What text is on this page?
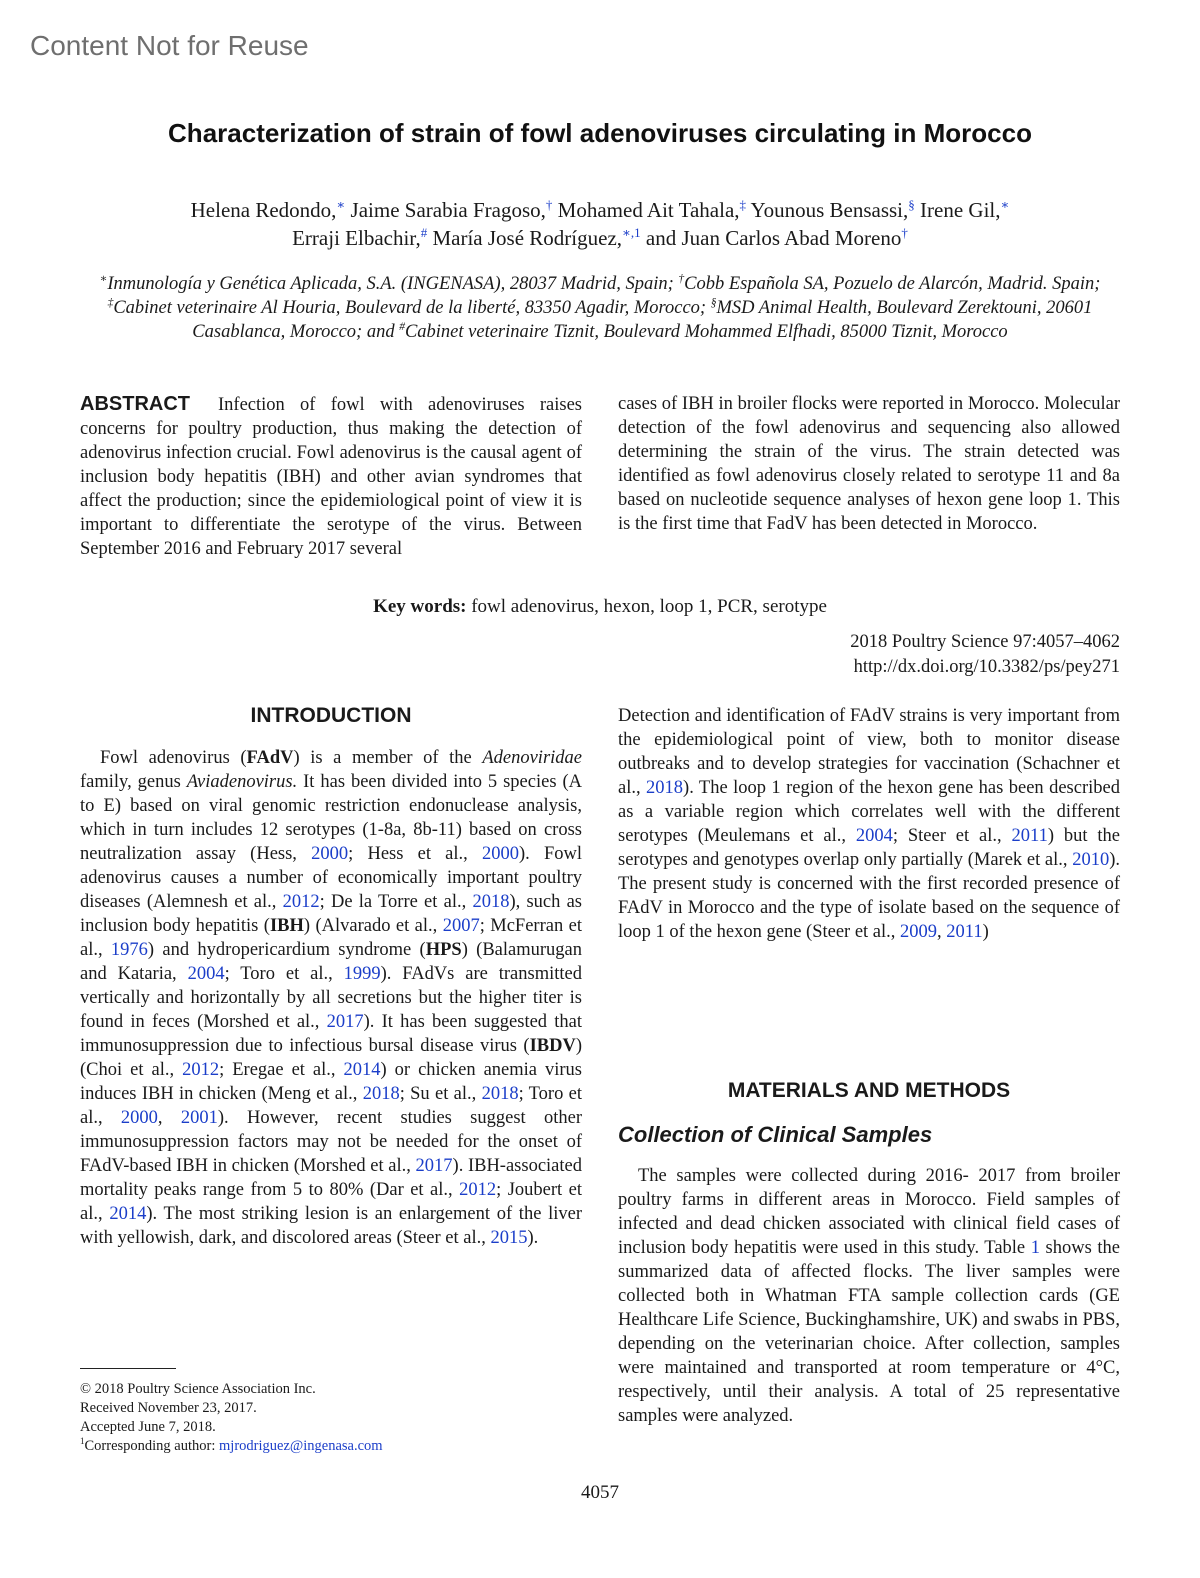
Content Not for Reuse
Characterization of strain of fowl adenoviruses circulating in Morocco
Helena Redondo,∗ Jaime Sarabia Fragoso,† Mohamed Ait Tahala,‡ Younous Bensassi,§ Irene Gil,∗
Erraji Elbachir,# María José Rodríguez,$^{∗,1}$ and Juan Carlos Abad Moreno†
∗Inmunología y Genética Aplicada, S.A. (INGENASA), 28037 Madrid, Spain; †Cobb Española SA, Pozuelo de Alarcón, Madrid. Spain; ‡Cabinet veterinaire Al Houria, Boulevard de la liberté, 83350 Agadir, Morocco; §MSD Animal Health, Boulevard Zerektouni, 20601 Casablanca, Morocco; and #Cabinet veterinaire Tiznit, Boulevard Mohammed Elfhadi, 85000 Tiznit, Morocco
ABSTRACT Infection of fowl with adenoviruses raises concerns for poultry production, thus making the detection of adenovirus infection crucial. Fowl adenovirus is the causal agent of inclusion body hepatitis (IBH) and other avian syndromes that affect the production; since the epidemiological point of view it is important to differentiate the serotype of the virus. Between September 2016 and February 2017 several
cases of IBH in broiler flocks were reported in Morocco. Molecular detection of the fowl adenovirus and sequencing also allowed determining the strain of the virus. The strain detected was identified as fowl adenovirus closely related to serotype 11 and 8a based on nucleotide sequence analyses of hexon gene loop 1. This is the first time that FadV has been detected in Morocco.
Key words: fowl adenovirus, hexon, loop 1, PCR, serotype
2018 Poultry Science 97:4057–4062
http://dx.doi.org/10.3382/ps/pey271
INTRODUCTION
Fowl adenovirus (FAdV) is a member of the Adenoviridae family, genus Aviadenovirus. It has been divided into 5 species (A to E) based on viral genomic restriction endonuclease analysis, which in turn includes 12 serotypes (1-8a, 8b-11) based on cross neutralization assay (Hess, 2000; Hess et al., 2000). Fowl adenovirus causes a number of economically important poultry diseases (Alemnesh et al., 2012; De la Torre et al., 2018), such as inclusion body hepatitis (IBH) (Alvarado et al., 2007; McFerran et al., 1976) and hydropericardium syndrome (HPS) (Balamurugan and Kataria, 2004; Toro et al., 1999). FAdVs are transmitted vertically and horizontally by all secretions but the higher titer is found in feces (Morshed et al., 2017). It has been suggested that immunosuppression due to infectious bursal disease virus (IBDV) (Choi et al., 2012; Eregae et al., 2014) or chicken anemia virus induces IBH in chicken (Meng et al., 2018; Su et al., 2018; Toro et al., 2000, 2001). However, recent studies suggest other immunosuppression factors may not be needed for the onset of FAdV-based IBH in chicken (Morshed et al., 2017). IBH-associated mortality peaks range from 5 to 80% (Dar et al., 2012; Joubert et al., 2014). The most striking lesion is an enlargement of the liver with yellowish, dark, and discolored areas (Steer et al., 2015).
Detection and identification of FAdV strains is very important from the epidemiological point of view, both to monitor disease outbreaks and to develop strategies for vaccination (Schachner et al., 2018). The loop 1 region of the hexon gene has been described as a variable region which correlates well with the different serotypes (Meulemans et al., 2004; Steer et al., 2011) but the serotypes and genotypes overlap only partially (Marek et al., 2010). The present study is concerned with the first recorded presence of FAdV in Morocco and the type of isolate based on the sequence of loop 1 of the hexon gene (Steer et al., 2009, 2011)
MATERIALS AND METHODS
Collection of Clinical Samples
The samples were collected during 2016- 2017 from broiler poultry farms in different areas in Morocco. Field samples of infected and dead chicken associated with clinical field cases of inclusion body hepatitis were used in this study. Table 1 shows the summarized data of affected flocks. The liver samples were collected both in Whatman FTA sample collection cards (GE Healthcare Life Science, Buckinghamshire, UK) and swabs in PBS, depending on the veterinarian choice. After collection, samples were maintained and transported at room temperature or 4°C, respectively, until their analysis. A total of 25 representative samples were analyzed.
© 2018 Poultry Science Association Inc.
Received November 23, 2017.
Accepted June 7, 2018.
$^1$Corresponding author: mjrodriguez@ingenasa.com
4057
